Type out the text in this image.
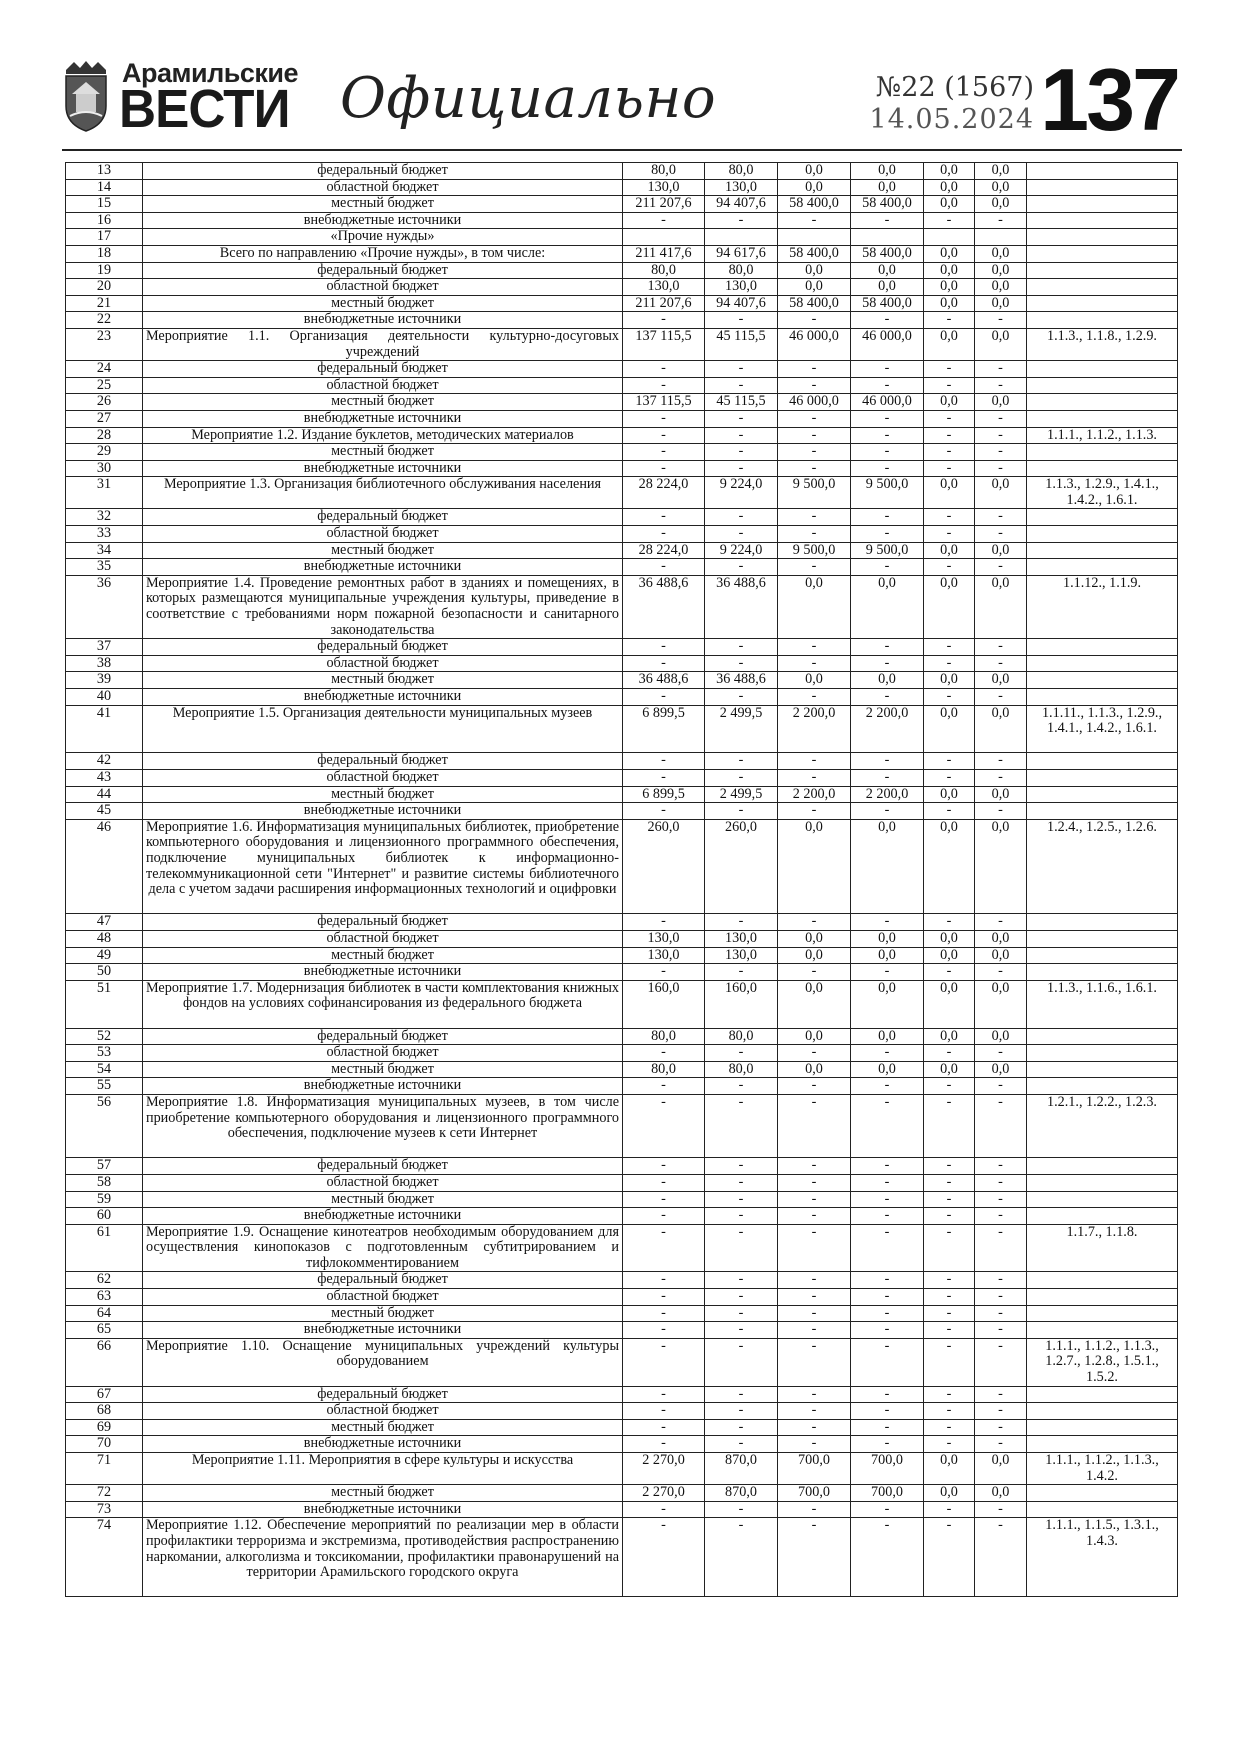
Арамильские
ВЕСТИ Официально	№22 (1567)
14.05.2024 137
13	федеральный бюджет	80,0	80,0	0,0	0,0	0,0	0,0	
14	областной бюджет	130,0	130,0	0,0	0,0	0,0	0,0	
15	местный бюджет	211 207,6	94 407,6	58 400,0	58 400,0	0,0	0,0	
16	внебюджетные источники	-	-	-	-	-	-	
17	«Прочие нужды»							
18	Всего по направлению «Прочие нужды», в том числе:	211 417,6	94 617,6	58 400,0	58 400,0	0,0	0,0	
19	федеральный бюджет	80,0	80,0	0,0	0,0	0,0	0,0	
20	областной бюджет	130,0	130,0	0,0	0,0	0,0	0,0	
21	местный бюджет	211 207,6	94 407,6	58 400,0	58 400,0	0,0	0,0	
22	внебюджетные источники	-	-	-	-	-	-	
23	Мероприятие 1.1. Организация деятельности культурно-досуговых учреждений	137 115,5	45 115,5	46 000,0	46 000,0	0,0	0,0	1.1.3., 1.1.8., 1.2.9.
24	федеральный бюджет	-	-	-	-	-	-	
25	областной бюджет	-	-	-	-	-	-	
26	местный бюджет	137 115,5	45 115,5	46 000,0	46 000,0	0,0	0,0	
27	внебюджетные источники	-	-	-	-	-	-	
28	Мероприятие 1.2. Издание буклетов, методических материалов	-	-	-	-	-	-	1.1.1., 1.1.2., 1.1.3.
29	местный бюджет	-	-	-	-	-	-	
30	внебюджетные источники	-	-	-	-	-	-	
31	Мероприятие 1.3. Организация библиотечного обслуживания населения	28 224,0	9 224,0	9 500,0	9 500,0	0,0	0,0	1.1.3., 1.2.9., 1.4.1., 1.4.2., 1.6.1.
32	федеральный бюджет	-	-	-	-	-	-	
33	областной бюджет	-	-	-	-	-	-	
34	местный бюджет	28 224,0	9 224,0	9 500,0	9 500,0	0,0	0,0	
35	внебюджетные источники	-	-	-	-	-	-	
36	Мероприятие 1.4. Проведение ремонтных работ в зданиях и помещениях, в которых размещаются муниципальные учреждения культуры, приведение в соответствие с требованиями норм пожарной безопасности и санитарного законодательства	36 488,6	36 488,6	0,0	0,0	0,0	0,0	1.1.12., 1.1.9.
37	федеральный бюджет	-	-	-	-	-	-	
38	областной бюджет	-	-	-	-	-	-	
39	местный бюджет	36 488,6	36 488,6	0,0	0,0	0,0	0,0	
40	внебюджетные источники	-	-	-	-	-	-	
41	Мероприятие 1.5. Организация деятельности муниципальных музеев	6 899,5	2 499,5	2 200,0	2 200,0	0,0	0,0	1.1.11., 1.1.3., 1.2.9., 1.4.1., 1.4.2., 1.6.1.
42	федеральный бюджет	-	-	-	-	-	-	
43	областной бюджет	-	-	-	-	-	-	
44	местный бюджет	6 899,5	2 499,5	2 200,0	2 200,0	0,0	0,0	
45	внебюджетные источники	-	-	-	-	-	-	
46	Мероприятие 1.6. Информатизация муниципальных библиотек, приобретение компьютерного оборудования и лицензионного программного обеспечения, подключение муниципальных библиотек к информационно-телекоммуникационной сети "Интернет" и развитие системы библиотечного дела с учетом задачи расширения информационных технологий и оцифровки	260,0	260,0	0,0	0,0	0,0	0,0	1.2.4., 1.2.5., 1.2.6.
47	федеральный бюджет	-	-	-	-	-	-	
48	областной бюджет	130,0	130,0	0,0	0,0	0,0	0,0	
49	местный бюджет	130,0	130,0	0,0	0,0	0,0	0,0	
50	внебюджетные источники	-	-	-	-	-	-	
51	Мероприятие 1.7. Модернизация библиотек в части комплектования книжных фондов на условиях софинансирования из федерального бюджета	160,0	160,0	0,0	0,0	0,0	0,0	1.1.3., 1.1.6., 1.6.1.
52	федеральный бюджет	80,0	80,0	0,0	0,0	0,0	0,0	
53	областной бюджет	-	-	-	-	-	-	
54	местный бюджет	80,0	80,0	0,0	0,0	0,0	0,0	
55	внебюджетные источники	-	-	-	-	-	-	
56	Мероприятие 1.8. Информатизация муниципальных музеев, в том числе приобретение компьютерного оборудования и лицензионного программного обеспечения, подключение музеев к сети Интернет	-	-	-	-	-	-	1.2.1., 1.2.2., 1.2.3.
57	федеральный бюджет	-	-	-	-	-	-	
58	областной бюджет	-	-	-	-	-	-	
59	местный бюджет	-	-	-	-	-	-	
60	внебюджетные источники	-	-	-	-	-	-	
61	Мероприятие 1.9. Оснащение кинотеатров необходимым оборудованием для осуществления кинопоказов с подготовленным субтитрированием и тифлокомментированием	-	-	-	-	-	-	1.1.7., 1.1.8.
62	федеральный бюджет	-	-	-	-	-	-	
63	областной бюджет	-	-	-	-	-	-	
64	местный бюджет	-	-	-	-	-	-	
65	внебюджетные источники	-	-	-	-	-	-	
66	Мероприятие 1.10. Оснащение муниципальных учреждений культуры оборудованием	-	-	-	-	-	-	1.1.1., 1.1.2., 1.1.3., 1.2.7., 1.2.8., 1.5.1., 1.5.2.
67	федеральный бюджет	-	-	-	-	-	-	
68	областной бюджет	-	-	-	-	-	-	
69	местный бюджет	-	-	-	-	-	-	
70	внебюджетные источники	-	-	-	-	-	-	
71	Мероприятие 1.11. Мероприятия в сфере культуры и искусства	2 270,0	870,0	700,0	700,0	0,0	0,0	1.1.1., 1.1.2., 1.1.3., 1.4.2.
72	местный бюджет	2 270,0	870,0	700,0	700,0	0,0	0,0	
73	внебюджетные источники	-	-	-	-	-	-	
74	Мероприятие 1.12. Обеспечение мероприятий по реализации мер в области профилактики терроризма и экстремизма, противодействия распространению наркомании, алкоголизма и токсикомании, профилактики правонарушений на территории Арамильского городского округа	-	-	-	-	-	-	1.1.1., 1.1.5., 1.3.1., 1.4.3.
